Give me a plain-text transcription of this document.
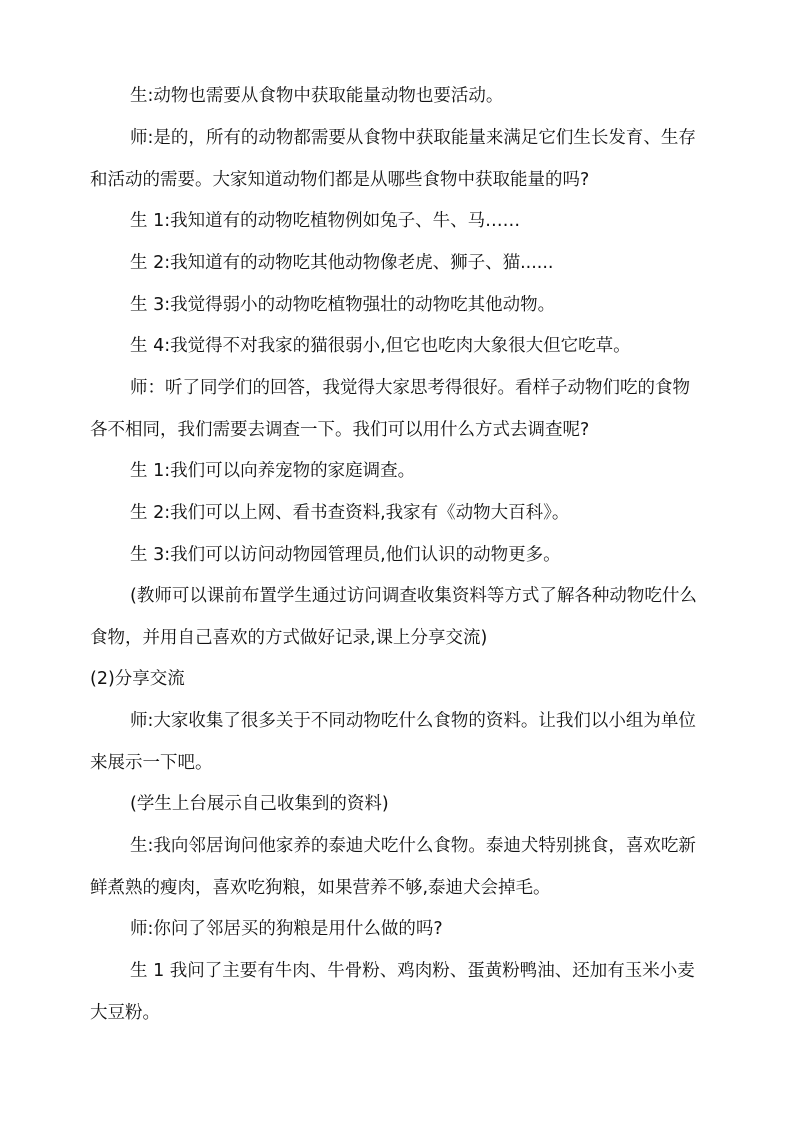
生:动物也需要从食物中获取能量动物也要活动。

师:是的，所有的动物都需要从食物中获取能量来满足它们生长发育、生存和活动的需要。大家知道动物们都是从哪些食物中获取能量的吗?

生 1:我知道有的动物吃植物例如兔子、牛、马……

生 2:我知道有的动物吃其他动物像老虎、狮子、猫......

生 3:我觉得弱小的动物吃植物强壮的动物吃其他动物。

生 4:我觉得不对我家的猫很弱小,但它也吃肉大象很大但它吃草。

师：听了同学们的回答，我觉得大家思考得很好。看样子动物们吃的食物各不相同，我们需要去调查一下。我们可以用什么方式去调查呢?

生 1:我们可以向养宠物的家庭调查。

生 2:我们可以上网、看书查资料,我家有《动物大百科》。

生 3:我们可以访问动物园管理员,他们认识的动物更多。

(教师可以课前布置学生通过访问调查收集资料等方式了解各种动物吃什么食物，并用自己喜欢的方式做好记录,课上分享交流)

(2)分享交流

师:大家收集了很多关于不同动物吃什么食物的资料。让我们以小组为单位来展示一下吧。

(学生上台展示自己收集到的资料)

生:我向邻居询问他家养的泰迪犬吃什么食物。泰迪犬特别挑食，喜欢吃新鲜煮熟的瘦肉，喜欢吃狗粮，如果营养不够,泰迪犬会掉毛。

师:你问了邻居买的狗粮是用什么做的吗?

生 1 我问了主要有牛肉、牛骨粉、鸡肉粉、蛋黄粉鸭油、还加有玉米小麦大豆粉。
